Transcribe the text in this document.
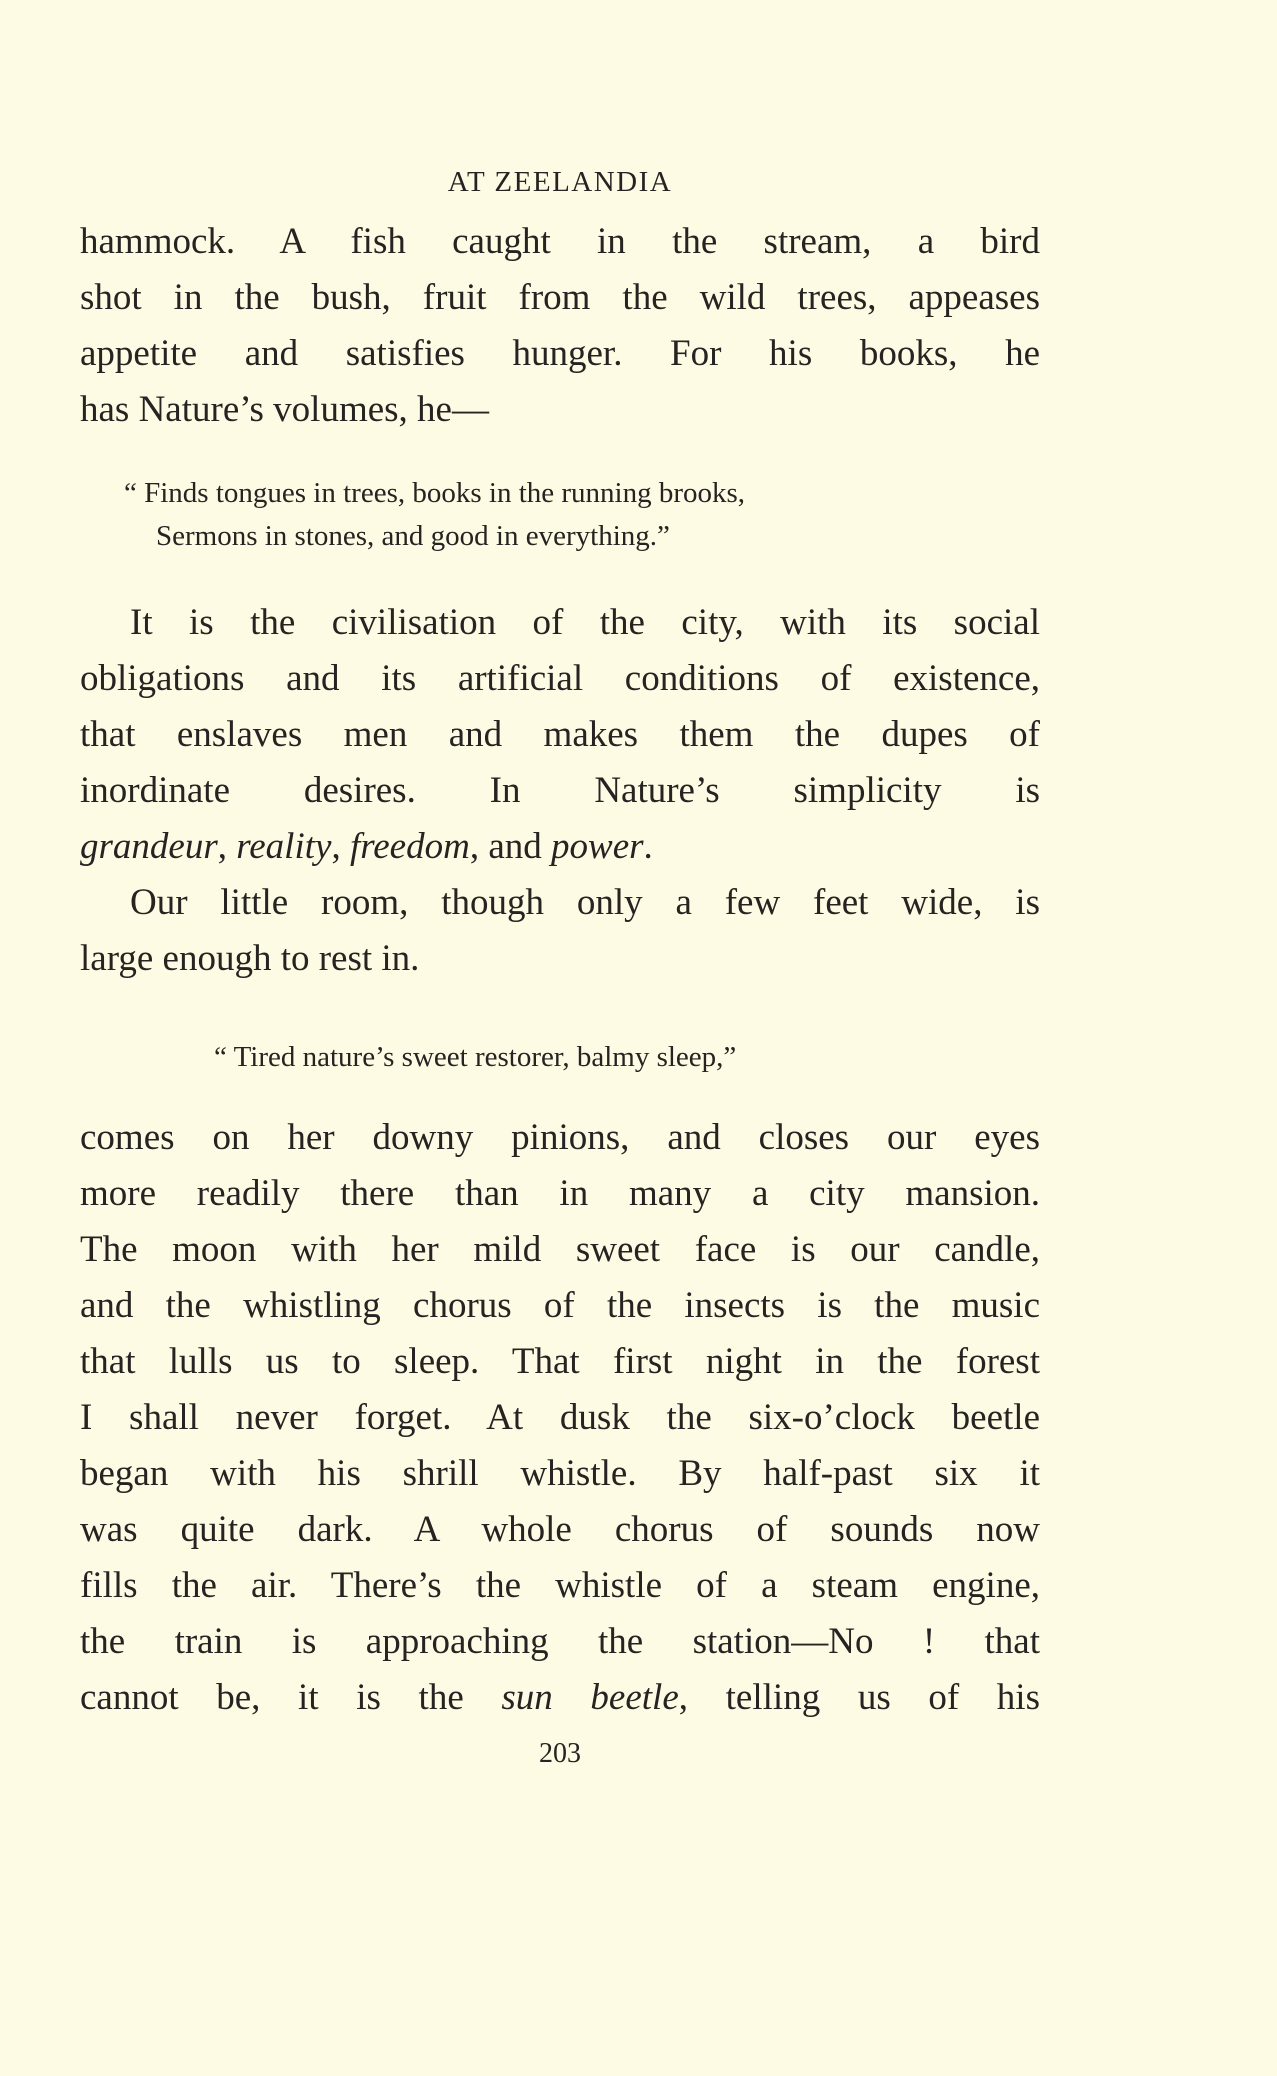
AT ZEELANDIA
hammock. A fish caught in the stream, a bird
shot in the bush, fruit from the wild trees, appeases
appetite and satisfies hunger. For his books, he
has Nature’s volumes, he—
“ Finds tongues in trees, books in the running brooks,
Sermons in stones, and good in everything.”
It is the civilisation of the city, with its social
obligations and its artificial conditions of existence,
that enslaves men and makes them the dupes of
inordinate desires. In Nature’s simplicity is
grandeur, reality, freedom, and power.
Our little room, though only a few feet wide, is
large enough to rest in.
“ Tired nature’s sweet restorer, balmy sleep,”
comes on her downy pinions, and closes our eyes
more readily there than in many a city mansion.
The moon with her mild sweet face is our candle,
and the whistling chorus of the insects is the music
that lulls us to sleep. That first night in the forest
I shall never forget. At dusk the six-o’clock beetle
began with his shrill whistle. By half-past six it
was quite dark. A whole chorus of sounds now
fills the air. There’s the whistle of a steam engine,
the train is approaching the station—No ! that
cannot be, it is the sun beetle, telling us of his
203
